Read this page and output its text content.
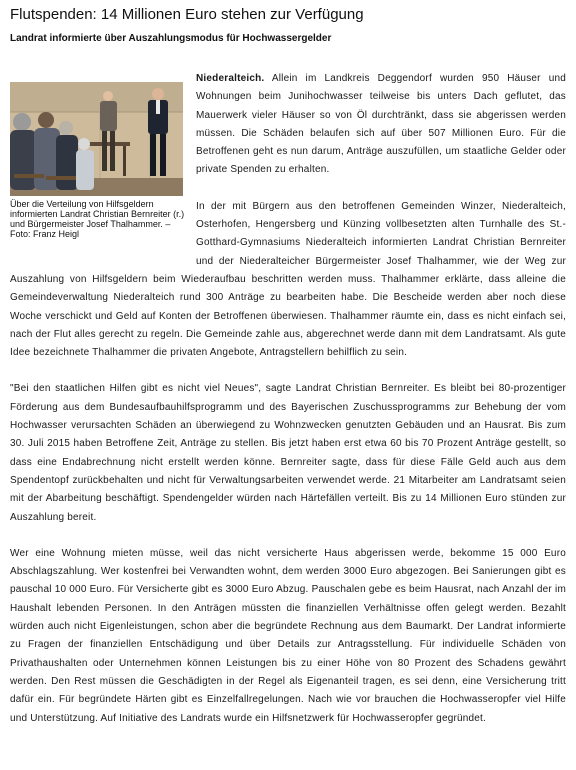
Flutspenden: 14 Millionen Euro stehen zur Verfügung
Landrat informierte über Auszahlungsmodus für Hochwassergelder

Über die Verteilung von Hilfsgeldern informierten Landrat Christian Bernreiter (r.) und Bürgermeister Josef Thalhammer. – Foto: Franz Heigl

Niederalteich. Allein im Landkreis Deggendorf wurden 950 Häuser und Wohnungen beim Junihochwasser teilweise bis unters Dach geflutet, das Mauerwerk vieler Häuser so von Öl durchtränkt, dass sie abgerissen werden müssen. Die Schäden belaufen sich auf über 507 Millionen Euro. Für die Betroffenen geht es nun darum, Anträge auszufüllen, um staatliche Gelder oder private Spenden zu erhalten.

In der mit Bürgern aus den betroffenen Gemeinden Winzer, Niederalteich, Osterhofen, Hengersberg und Künzing vollbesetzten alten Turnhalle des St.-Gotthard-Gymnasiums Niederalteich informierten Landrat Christian Bernreiter und der Niederalteicher Bürgermeister Josef Thalhammer, wie der Weg zur Auszahlung von Hilfsgeldern beim Wiederaufbau beschritten werden muss. Thalhammer erklärte, dass alleine die Gemeindeverwaltung Niederalteich rund 300 Anträge zu bearbeiten habe. Die Bescheide werden aber noch diese Woche verschickt und Geld auf Konten der Betroffenen überwiesen. Thalhammer räumte ein, dass es nicht einfach sei, nach der Flut alles gerecht zu regeln. Die Gemeinde zahle aus, abgerechnet werde dann mit dem Landratsamt. Als gute Idee bezeichnete Thalhammer die privaten Angebote, Antragstellern behilflich zu sein.

"Bei den staatlichen Hilfen gibt es nicht viel Neues", sagte Landrat Christian Bernreiter. Es bleibt bei 80-prozentiger Förderung aus dem Bundesaufbauhilfsprogramm und des Bayerischen Zuschussprogramms zur Behebung der vom Hochwasser verursachten Schäden an überwiegend zu Wohnzwecken genutzten Gebäuden und an Hausrat. Bis zum 30. Juli 2015 haben Betroffene Zeit, Anträge zu stellen. Bis jetzt haben erst etwa 60 bis 70 Prozent Anträge gestellt, so dass eine Endabrechnung nicht erstellt werden könne. Bernreiter sagte, dass für diese Fälle Geld auch aus dem Spendentopf zurückbehalten und nicht für Verwaltungsarbeiten verwendet werde. 21 Mitarbeiter am Landratsamt seien mit der Abarbeitung beschäftigt. Spendengelder würden nach Härtefällen verteilt. Bis zu 14 Millionen Euro stünden zur Auszahlung bereit.

Wer eine Wohnung mieten müsse, weil das nicht versicherte Haus abgerissen werde, bekomme 15 000 Euro Abschlagszahlung. Wer kostenfrei bei Verwandten wohnt, dem werden 3000 Euro abgezogen. Bei Sanierungen gibt es pauschal 10 000 Euro. Für Versicherte gibt es 3000 Euro Abzug. Pauschalen gebe es beim Hausrat, nach Anzahl der im Haushalt lebenden Personen. In den Anträgen müssten die finanziellen Verhältnisse offen gelegt werden. Bezahlt würden auch nicht Eigenleistungen, schon aber die begründete Rechnung aus dem Baumarkt. Der Landrat informierte zu Fragen der finanziellen Entschädigung und über Details zur Antragsstellung. Für individuelle Schäden von Privathaushalten oder Unternehmen können Leistungen bis zu einer Höhe von 80 Prozent des Schadens gewährt werden. Den Rest müssen die Geschädigten in der Regel als Eigenanteil tragen, es sei denn, eine Versicherung tritt dafür ein. Für begründete Härten gibt es Einzelfallregelungen. Nach wie vor brauchen die Hochwasseropfer viel Hilfe und Unterstützung. Auf Initiative des Landrats wurde ein Hilfsnetzwerk für Hochwasseropfer gegründet.
